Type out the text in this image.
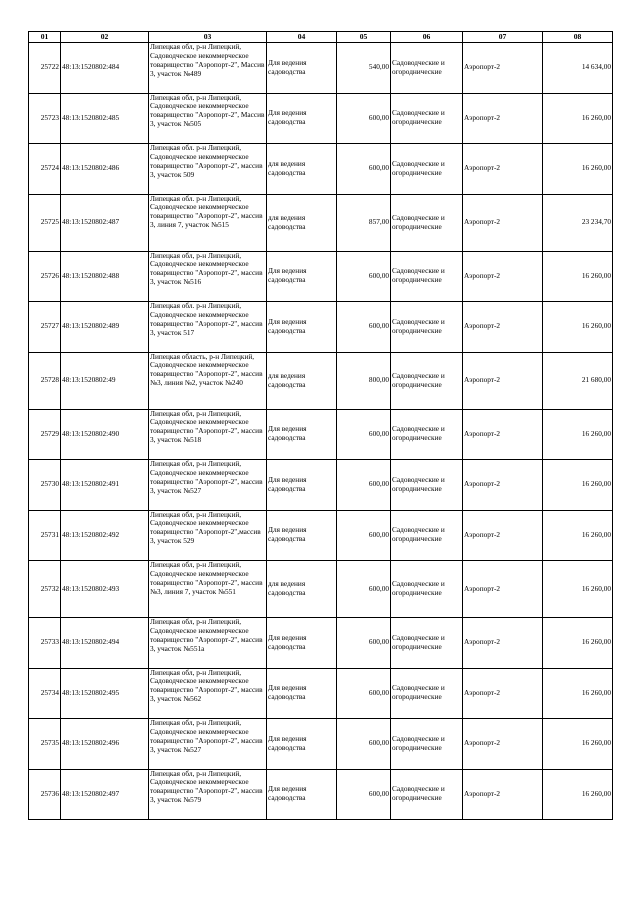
01	02	03	04	05	06	07	08
25722	48:13:1520802:484	Липецкая обл, р-н Липецкий, Садоводческое некоммерческое товарищество "Аэропорт-2", Массив 3, участок №489	Для ведения садоводства	540,00	Садоводческие и огороднические	Аэропорт-2	14 634,00
25723	48:13:1520802:485	Липецкая обл, р-н Липецкий, Садоводческое некоммерческое товарищество "Аэропорт-2", Массив 3, участок №505	Для ведения садоводства	600,00	Садоводческие и огороднические	Аэропорт-2	16 260,00
25724	48:13:1520802:486	Липецкая обл. р-н Липецкий, Садоводческое некоммерческое товарищество "Аэропорт-2", массив 3, участок 509	для ведения садоводства	600,00	Садоводческие и огороднические	Аэропорт-2	16 260,00
25725	48:13:1520802:487	Липецкая обл. р-н Липецкий, Садоводческое некоммерческое товарищество "Аэропорт-2", массив 3, линия 7, участок №515	для ведения садоводства	857,00	Садоводческие и огороднические	Аэропорт-2	23 234,70
25726	48:13:1520802:488	Липецкая обл, р-н Липецкий, Садоводческое некоммерческое товарищество "Аэропорт-2", массив 3, участок №516	Для ведения садоводства	600,00	Садоводческие и огороднические	Аэропорт-2	16 260,00
25727	48:13:1520802:489	Липецкая обл. р-н Липецкий, Садоводческое некоммерческое товарищество "Аэропорт-2", массив 3, участок 517	Для ведения садоводства	600,00	Садоводческие и огороднические	Аэропорт-2	16 260,00
25728	48:13:1520802:49	Липецкая область, р-н Липецкий, Садоводческое некоммерческое товарищество "Аэропорт-2", массив №3, линия №2, участок №240	для ведения садоводства	800,00	Садоводческие и огороднические	Аэропорт-2	21 680,00
25729	48:13:1520802:490	Липецкая обл, р-н Липецкий, Садоводческое некоммерческое товарищество "Аэропорт-2", массив 3, участок №518	Для ведения садоводства	600,00	Садоводческие и огороднические	Аэропорт-2	16 260,00
25730	48:13:1520802:491	Липецкая обл, р-н Липецкий, Садоводческое некоммерческое товарищество "Аэропорт-2", массив 3, участок №527	Для ведения садоводства	600,00	Садоводческие и огороднические	Аэропорт-2	16 260,00
25731	48:13:1520802:492	Липецкая обл, р-н Липецкий, Садоводческое некоммерческое товарищество "Аэропорт-2",массив 3, участок 529	Для ведения садоводства	600,00	Садоводческие и огороднические	Аэропорт-2	16 260,00
25732	48:13:1520802:493	Липецкая обл, р-н Липецкий, Садоводческое некоммерческое товарищество "Аэропорт-2", массив №3, линия 7, участок №551	для ведения садоводства	600,00	Садоводческие и огороднические	Аэропорт-2	16 260,00
25733	48:13:1520802:494	Липецкая обл, р-н Липецкий, Садоводческое некоммерческое товарищество "Аэропорт-2", массив 3, участок №551а	Для ведения садоводства	600,00	Садоводческие и огороднические	Аэропорт-2	16 260,00
25734	48:13:1520802:495	Липецкая обл, р-н Липецкий, Садоводческое некоммерческое товарищество "Аэропорт-2", массив 3, участок №562	Для ведения садоводства	600,00	Садоводческие и огороднические	Аэропорт-2	16 260,00
25735	48:13:1520802:496	Липецкая обл, р-н Липецкий, Садоводческое некоммерческое товарищество "Аэропорт-2", массив 3, участок №527	Для ведения садоводства	600,00	Садоводческие и огороднические	Аэропорт-2	16 260,00
25736	48:13:1520802:497	Липецкая обл, р-н Липецкий, Садоводческое некоммерческое товарищество "Аэропорт-2", массив 3, участок №579	Для ведения садоводства	600,00	Садоводческие и огороднические	Аэропорт-2	16 260,00
